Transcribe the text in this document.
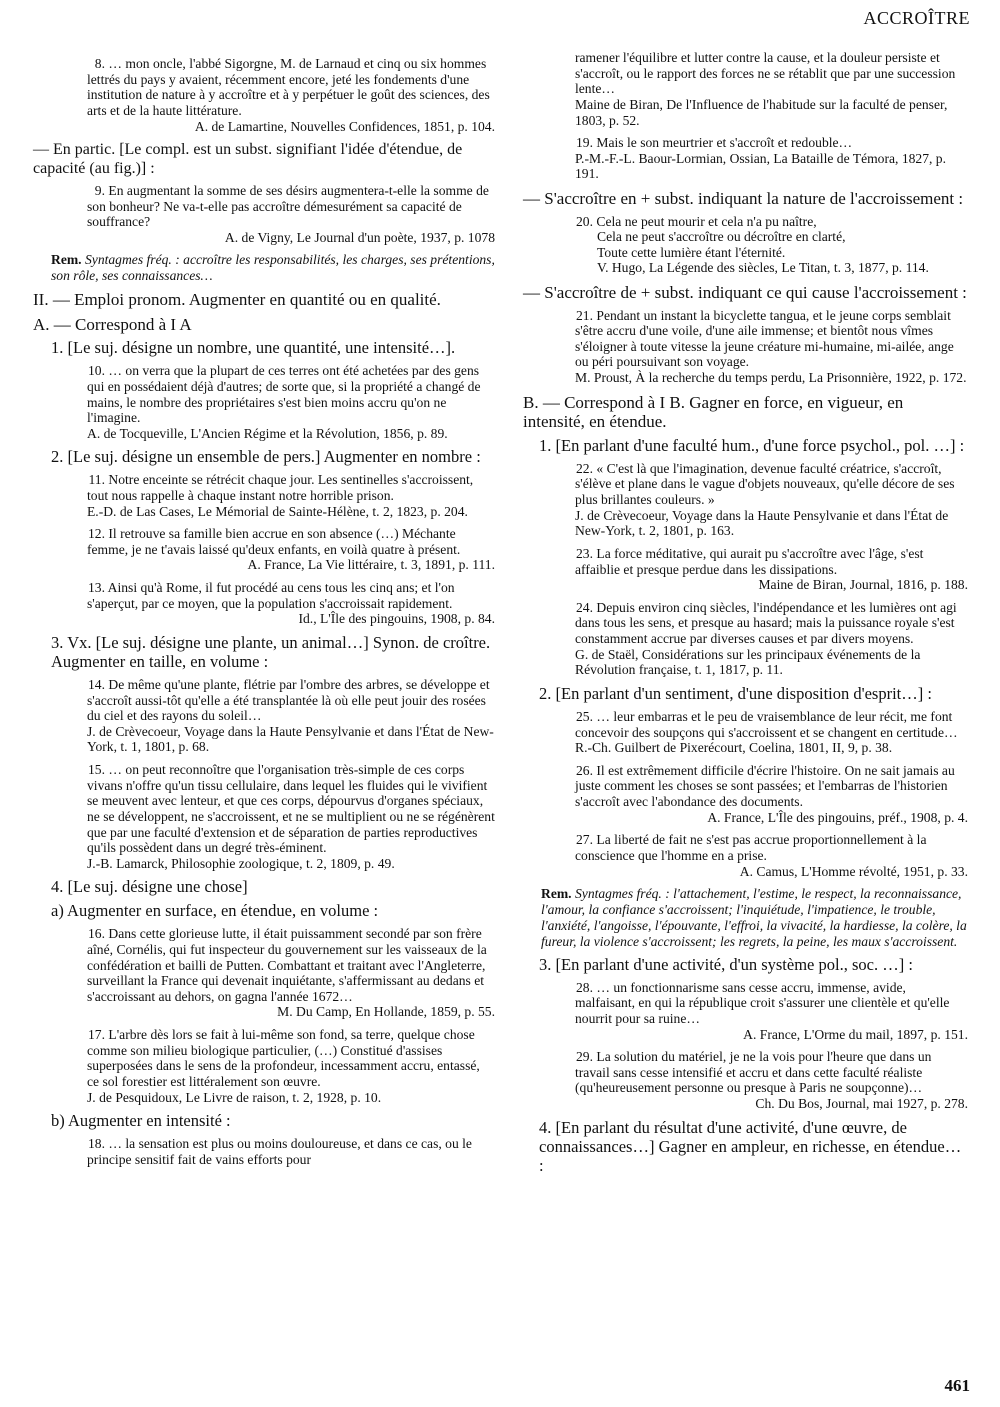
ACCROÎTRE
8. … mon oncle, l'abbé Sigorgne, M. de Larnaud et cinq ou six hommes lettrés du pays y avaient, récemment encore, jeté les fondements d'une institution de nature à y accroître et à y perpétuer le goût des sciences, des arts et de la haute littérature.
A. de Lamartine, Nouvelles Confidences, 1851, p. 104.
— En partic. [Le compl. est un subst. signifiant l'idée d'étendue, de capacité (au fig.)] :
9. En augmentant la somme de ses désirs augmentera-t-elle la somme de son bonheur? Ne va-t-elle pas accroître démesurément sa capacité de souffrance?
A. de Vigny, Le Journal d'un poète, 1937, p. 1078
Rem. Syntagmes fréq. : accroître les responsabilités, les charges, ses prétentions, son rôle, ses connaissances…
II. — Emploi pronom. Augmenter en quantité ou en qualité.
A. — Correspond à I A
1. [Le suj. désigne un nombre, une quantité, une intensité…].
10. … on verra que la plupart de ces terres ont été achetées par des gens qui en possédaient déjà d'autres; de sorte que, si la propriété a changé de mains, le nombre des propriétaires s'est bien moins accru qu'on ne l'imagine.
A. de Tocqueville, L'Ancien Régime et la Révolution, 1856, p. 89.
2. [Le suj. désigne un ensemble de pers.] Augmenter en nombre :
11. Notre enceinte se rétrécit chaque jour. Les sentinelles s'accroissent, tout nous rappelle à chaque instant notre horrible prison.
E.-D. de Las Cases, Le Mémorial de Sainte-Hélène, t. 2, 1823, p. 204.
12. Il retrouve sa famille bien accrue en son absence (…) Méchante femme, je ne t'avais laissé qu'deux enfants, en voilà quatre à présent.
A. France, La Vie littéraire, t. 3, 1891, p. 111.
13. Ainsi qu'à Rome, il fut procédé au cens tous les cinq ans; et l'on s'aperçut, par ce moyen, que la population s'accroissait rapidement.
Id., L'Île des pingouins, 1908, p. 84.
3. Vx. [Le suj. désigne une plante, un animal…] Synon. de croître. Augmenter en taille, en volume :
14. De même qu'une plante, flétrie par l'ombre des arbres, se développe et s'accroît aussi-tôt qu'elle a été transplantée là où elle peut jouir des rosées du ciel et des rayons du soleil…
J. de Crèvecoeur, Voyage dans la Haute Pensylvanie et dans l'État de New-York, t. 1, 1801, p. 68.
15. … on peut reconnoître que l'organisation très-simple de ces corps vivans n'offre qu'un tissu cellulaire, dans lequel les fluides qui le vivifient se meuvent avec lenteur, et que ces corps, dépourvus d'organes spéciaux, ne se développent, ne s'accroissent, et ne se multiplient ou ne se régénèrent que par une faculté d'extension et de séparation de parties reproductives qu'ils possèdent dans un degré très-éminent.
J.-B. Lamarck, Philosophie zoologique, t. 2, 1809, p. 49.
4. [Le suj. désigne une chose]
a) Augmenter en surface, en étendue, en volume :
16. Dans cette glorieuse lutte, il était puissamment secondé par son frère aîné, Cornélis, qui fut inspecteur du gouvernement sur les vaisseaux de la confédération et bailli de Putten. Combattant et traitant avec l'Angleterre, surveillant la France qui devenait inquiétante, s'affermissant au dedans et s'accroissant au dehors, on gagna l'année 1672…
M. Du Camp, En Hollande, 1859, p. 55.
17. L'arbre dès lors se fait à lui-même son fond, sa terre, quelque chose comme son milieu biologique particulier, (…) Constitué d'assises superposées dans le sens de la profondeur, incessamment accru, entassé, ce sol forestier est littéralement son œuvre.
J. de Pesquidoux, Le Livre de raison, t. 2, 1928, p. 10.
b) Augmenter en intensité :
18. … la sensation est plus ou moins douloureuse, et dans ce cas, ou le principe sensitif fait de vains efforts pour
ramener l'équilibre et lutter contre la cause, et la douleur persiste et s'accroît, ou le rapport des forces ne se rétablit que par une succession lente…
Maine de Biran, De l'Influence de l'habitude sur la faculté de penser, 1803, p. 52.
19. Mais le son meurtrier et s'accroît et redouble…
P.-M.-F.-L. Baour-Lormian, Ossian, La Bataille de Témora, 1827, p. 191.
— S'accroître en + subst. indiquant la nature de l'accroissement :
20. Cela ne peut mourir et cela n'a pu naître,
Cela ne peut s'accroître ou décroître en clarté,
Toute cette lumière étant l'éternité.
V. Hugo, La Légende des siècles, Le Titan, t. 3, 1877, p. 114.
— S'accroître de + subst. indiquant ce qui cause l'accroissement :
21. Pendant un instant la bicyclette tangua, et le jeune corps semblait s'être accru d'une voile, d'une aile immense; et bientôt nous vîmes s'éloigner à toute vitesse la jeune créature mi-humaine, mi-ailée, ange ou péri poursuivant son voyage.
M. Proust, À la recherche du temps perdu, La Prisonnière, 1922, p. 172.
B. — Correspond à I B. Gagner en force, en vigueur, en intensité, en étendue.
1. [En parlant d'une faculté hum., d'une force psychol., pol. …] :
22. « C'est là que l'imagination, devenue faculté créatrice, s'accroît, s'élève et plane dans le vague d'objets nouveaux, qu'elle décore de ses plus brillantes couleurs. »
J. de Crèvecoeur, Voyage dans la Haute Pensylvanie et dans l'État de New-York, t. 2, 1801, p. 163.
23. La force méditative, qui aurait pu s'accroître avec l'âge, s'est affaiblie et presque perdue dans les dissipations.
Maine de Biran, Journal, 1816, p. 188.
24. Depuis environ cinq siècles, l'indépendance et les lumières ont agi dans tous les sens, et presque au hasard; mais la puissance royale s'est constamment accrue par diverses causes et par divers moyens.
G. de Staël, Considérations sur les principaux événements de la Révolution française, t. 1, 1817, p. 11.
2. [En parlant d'un sentiment, d'une disposition d'esprit…] :
25. … leur embarras et le peu de vraisemblance de leur récit, me font concevoir des soupçons qui s'accroissent et se changent en certitude…
R.-Ch. Guilbert de Pixerécourt, Coelina, 1801, II, 9, p. 38.
26. Il est extrêmement difficile d'écrire l'histoire. On ne sait jamais au juste comment les choses se sont passées; et l'embarras de l'historien s'accroît avec l'abondance des documents.
A. France, L'Île des pingouins, préf., 1908, p. 4.
27. La liberté de fait ne s'est pas accrue proportionnellement à la conscience que l'homme en a prise.
A. Camus, L'Homme révolté, 1951, p. 33.
Rem. Syntagmes fréq. : l'attachement, l'estime, le respect, la reconnaissance, l'amour, la confiance s'accroissent; l'inquiétude, l'impatience, le trouble, l'anxiété, l'angoisse, l'épouvante, l'effroi, la vivacité, la hardiesse, la colère, la fureur, la violence s'accroissent; les regrets, la peine, les maux s'accroissent.
3. [En parlant d'une activité, d'un système pol., soc. …] :
28. … un fonctionnarisme sans cesse accru, immense, avide, malfaisant, en qui la république croit s'assurer une clientèle et qu'elle nourrit pour sa ruine…
A. France, L'Orme du mail, 1897, p. 151.
29. La solution du matériel, je ne la vois pour l'heure que dans un travail sans cesse intensifié et accru et dans cette faculté réaliste (qu'heureusement personne ou presque à Paris ne soupçonne)…
Ch. Du Bos, Journal, mai 1927, p. 278.
4. [En parlant du résultat d'une activité, d'une œuvre, de connaissances…] Gagner en ampleur, en richesse, en étendue… :
461
